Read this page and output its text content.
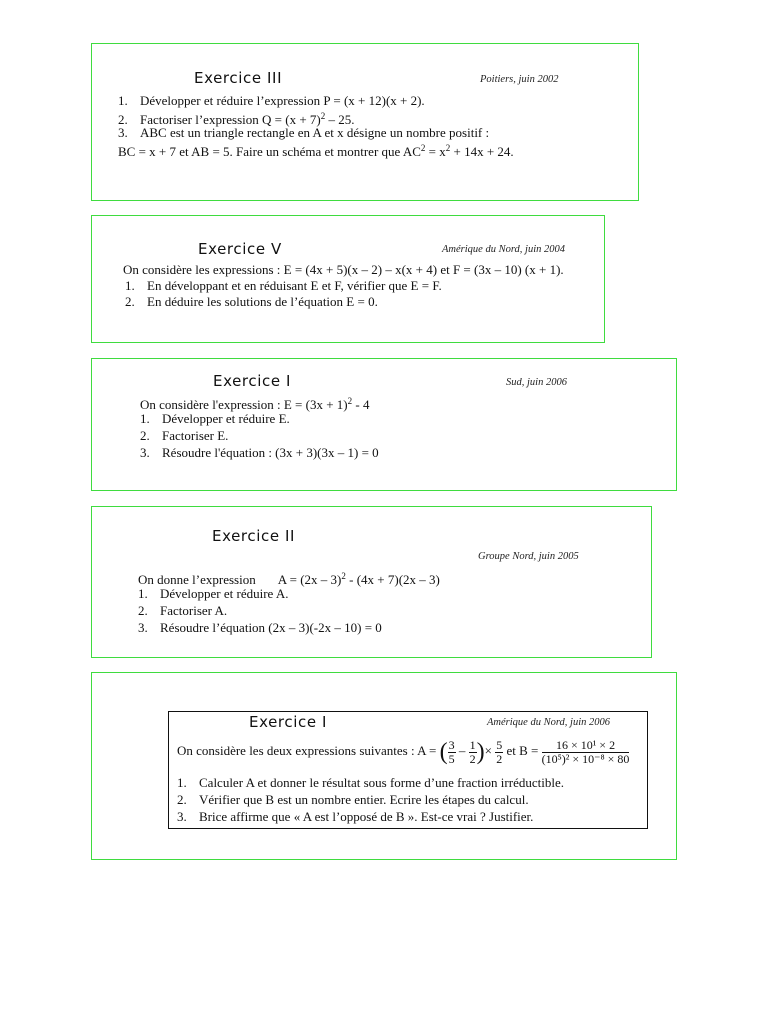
Exercice III	Poitiers, juin 2002
1. Développer et réduire l’expression P = (x + 12)(x + 2).
2. Factoriser l’expression $Q = (x + 7)^2 - 25$.
3. ABC est un triangle rectangle en A et x désigne un nombre positif :
BC = x + 7 et AB = 5. Faire un schéma et montrer que $AC^2 = x^2 + 14x + 24$.
Exercice V	Amérique du Nord, juin 2004
On considère les expressions : E = (4x + 5)(x – 2) – x(x + 4) et F = (3x – 10) (x + 1).
1. En développant et en réduisant E et F, vérifier que E = F.
2. En déduire les solutions de l’équation E = 0.
Exercice I	Sud, juin 2006
On considère l'expression : $E = (3x + 1)^2 - 4$
1. Développer et réduire E.
2. Factoriser E.
3. Résoudre l'équation : (3x + 3)(3x – 1) = 0
Exercice II
Groupe Nord, juin 2005
On donne l’expression A = (2x – 3)$^2$ - (4x + 7)(2x – 3)
1. Développer et réduire A.
2. Factoriser A.
3. Résoudre l’équation (2x – 3)(-2x – 10) = 0
Exercice I	Amérique du Nord, juin 2006
On considère les deux expressions suivantes : A = ( $\frac{3}{5} - \frac{1}{2}$ )× $\frac{5}{2}$ et $B = \frac{\text{16 × 10¹ × 2}}{\text{(10⁵)² × 10⁻⁸ × 80}}$
1. Calculer A et donner le résultat sous forme d’une fraction irréductible.
2. Vérifier que B est un nombre entier. Ecrire les étapes du calcul.
3. Brice affirme que « A est l’opposé de B ». Est-ce vrai ? Justifier.
